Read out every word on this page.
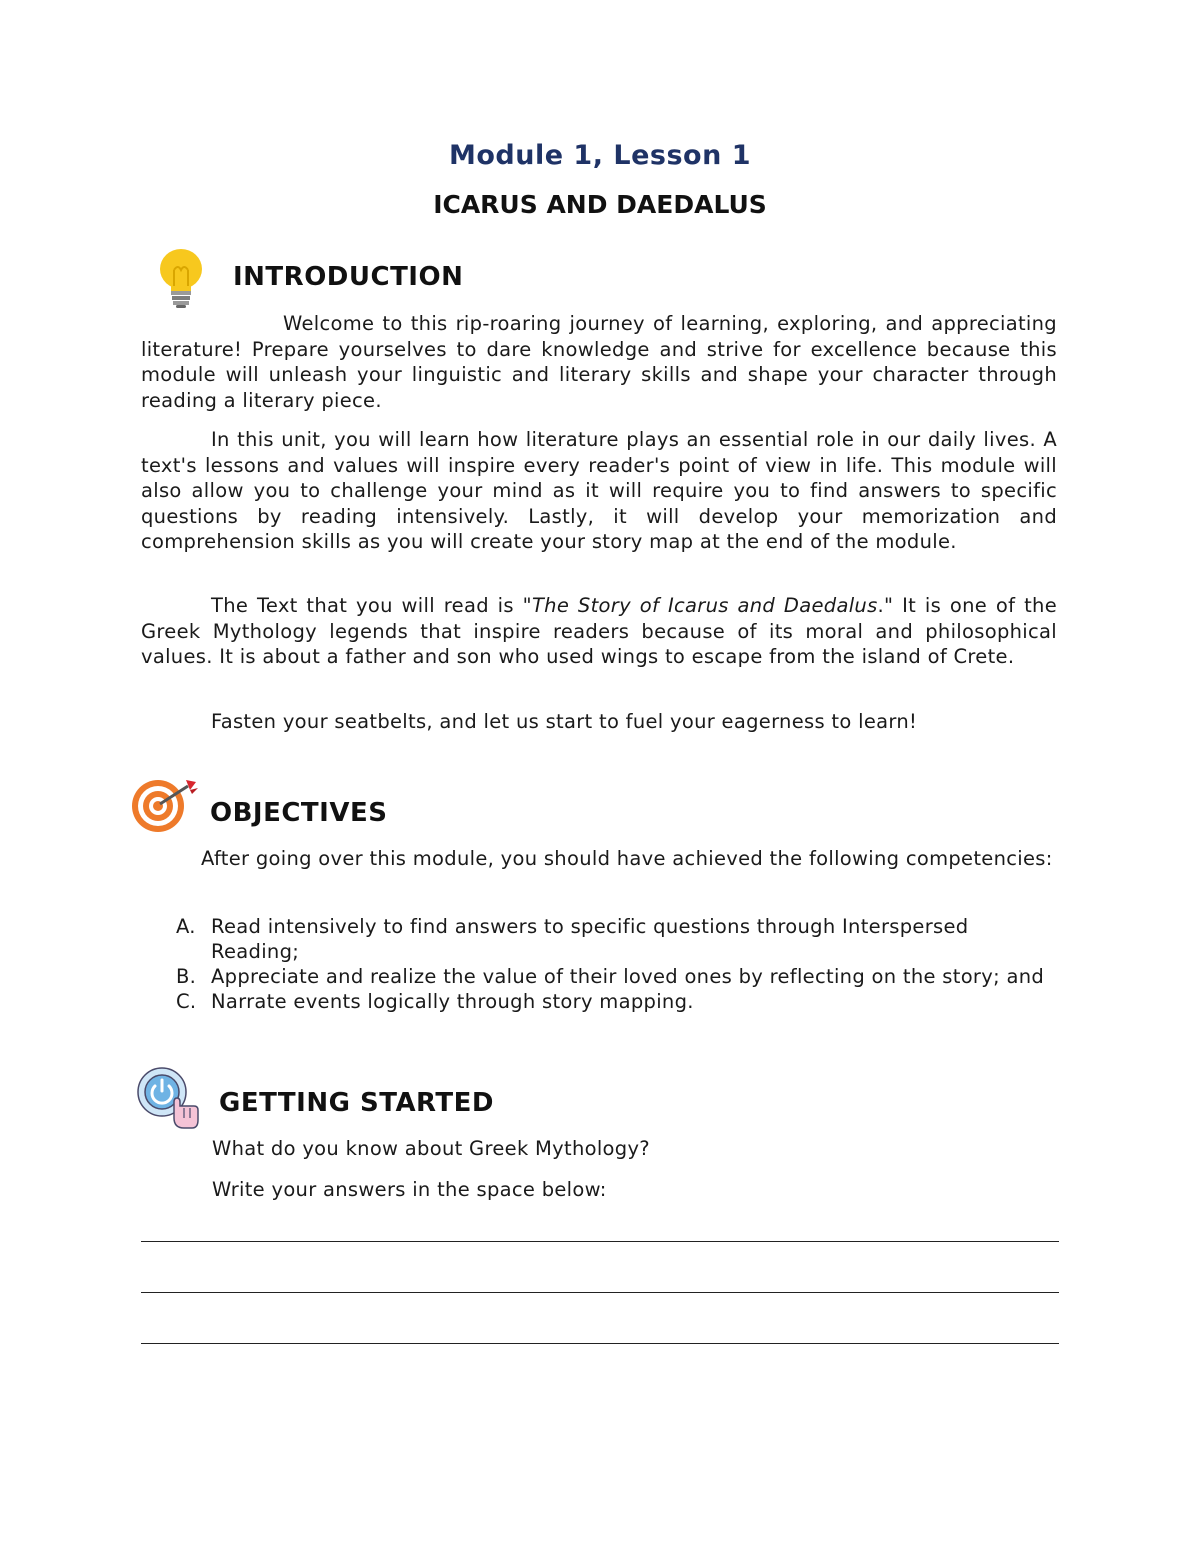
Module 1, Lesson 1
ICARUS AND DAEDALUS
INTRODUCTION

Welcome to this rip-roaring journey of learning, exploring, and appreciating literature! Prepare yourselves to dare knowledge and strive for excellence because this module will unleash your linguistic and literary skills and shape your character through reading a literary piece.

In this unit, you will learn how literature plays an essential role in our daily lives. A text's lessons and values will inspire every reader's point of view in life. This module will also allow you to challenge your mind as it will require you to find answers to specific questions by reading intensively. Lastly, it will develop your memorization and comprehension skills as you will create your story map at the end of the module.

The Text that you will read is "The Story of Icarus and Daedalus." It is one of the Greek Mythology legends that inspire readers because of its moral and philosophical values. It is about a father and son who used wings to escape from the island of Crete.

Fasten your seatbelts, and let us start to fuel your eagerness to learn!

OBJECTIVES

After going over this module, you should have achieved the following competencies:

A. Read intensively to find answers to specific questions through Interspersed Reading;
B. Appreciate and realize the value of their loved ones by reflecting on the story; and
C. Narrate events logically through story mapping.
GETTING STARTED
What do you know about Greek Mythology?
Write your answers in the space below:
